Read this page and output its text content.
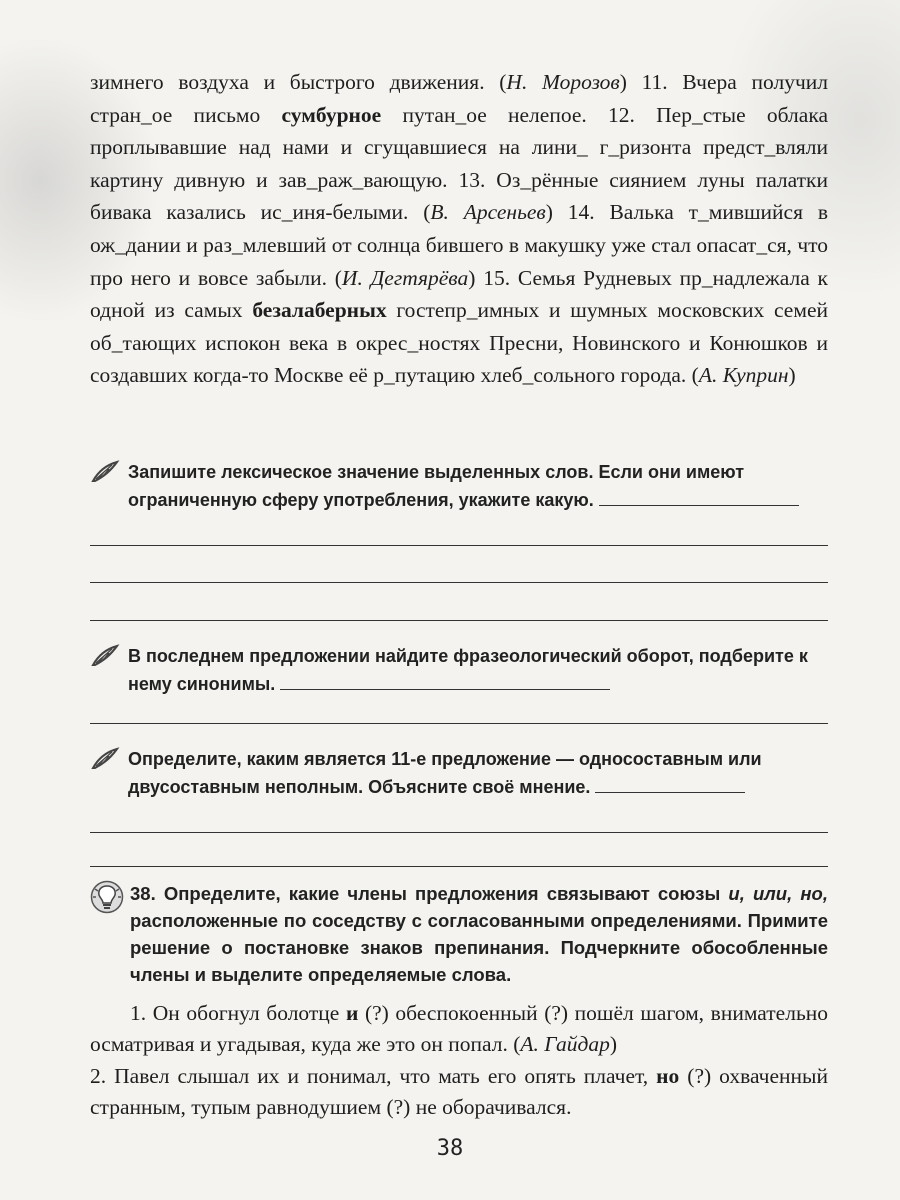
зимнего воздуха и быстрого движения. (Н. Морозов) 11. Вчера получил стран_ое письмо сумбурное путан_ое нелепое. 12. Пер_стые облака проплывавшие над нами и сгущавшиеся на лини_ г_ризонта предст_вляли картину дивную и зав_раж_вающую. 13. Оз_рённые сиянием луны палатки бивака казались ис_иня-белыми. (В. Арсеньев) 14. Валька т_мившийся в ож_дании и раз_млевший от солнца бившего в макушку уже стал опасат_ся, что про него и вовсе забыли. (И. Дегтярёва) 15. Семья Рудневых пр_надлежала к одной из самых безалаберных гостепр_имных и шумных московских семей об_тающих испокон века в окрес_ностях Пресни, Новинского и Конюшков и создавших когда-то Москве её р_путацию хлеб_сольного города. (А. Куприн)

Запишите лексическое значение выделенных слов. Если они имеют ограниченную сферу употребления, укажите какую.
В последнем предложении найдите фразеологический оборот, подберите к нему синонимы.
Определите, каким является 11-е предложение — односоставным или двусоставным неполным. Объясните своё мнение.
38. Определите, какие члены предложения связывают союзы и, или, но, расположенные по соседству с согласованными определениями. Примите решение о постановке знаков препинания. Подчеркните обособленные члены и выделите определяемые слова.

1. Он обогнул болотце и (?) обеспокоенный (?) пошёл шагом, внимательно осматривая и угадывая, куда же это он попал. (А. Гайдар)
2. Павел слышал их и понимал, что мать его опять плачет, но (?) охваченный странным, тупым равнодушием (?) не оборачивался.

38
